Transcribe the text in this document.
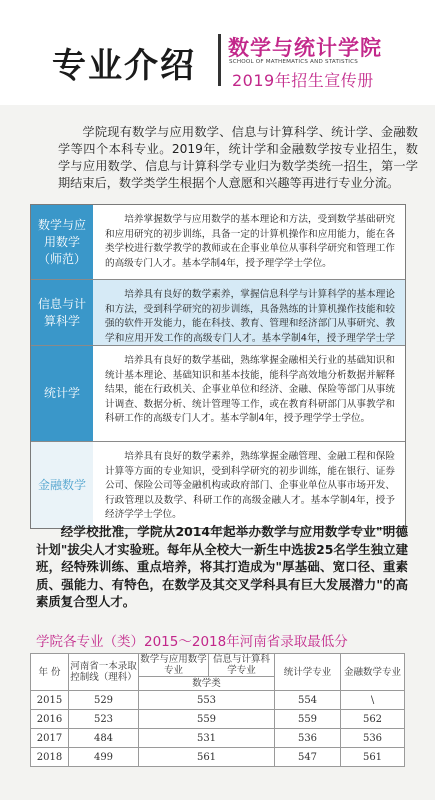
专业介绍 数学与统计学院
SCHOOL OF MATHEMATICS AND STATISTICS
2019年招生宣传册

学院现有数学与应用数学、信息与计算科学、统计学、金融数学等四个本科专业。2019年，统计学和金融数学按专业招生，数学与应用数学、信息与计算科学专业归为数学类统一招生，第一学期结束后，数学类学生根据个人意愿和兴趣等再进行专业分流。

数学与应用数学（师范）
培养掌握数学与应用数学的基本理论和方法，受到数学基础研究和应用研究的初步训练，具备一定的计算机操作和应用能力，能在各类学校进行数学教学的教师或在企事业单位从事科学研究和管理工作的高级专门人才。基本学制4年，授予理学学士学位。
信息与计算科学
培养具有良好的数学素养，掌握信息科学与计算科学的基本理论和方法，受到科学研究的初步训练，具备熟练的计算机操作技能和较强的软件开发能力，能在科技、教育、管理和经济部门从事研究、教学和应用开发工作的高级专门人才。基本学制4年，授予理学学士学
统计学
培养具有良好的数学基础，熟练掌握金融相关行业的基础知识和统计基本理论、基础知识和基本技能，能科学高效地分析数据并解释结果，能在行政机关、企事业单位和经济、金融、保险等部门从事统计调查、数据分析、统计管理等工作，或在教育科研部门从事教学和科研工作的高级专门人才。基本学制4年，授予理学学士学位。
金融数学
培养具有良好的数学素养，熟练掌握金融管理、金融工程和保险计算等方面的专业知识，受到科学研究的初步训练，能在银行、证券公司、保险公司等金融机构或政府部门、企事业单位从事市场开发、行政管理以及数学、科研工作的高级金融人才。基本学制4年，授予经济学学士学位。

经学校批准，学院从2014年起举办数学与应用数学专业"明德计划"拔尖人才实验班。每年从全校大一新生中选拔25名学生独立建班，经特殊训练、重点培养，将其打造成为"厚基础、宽口径、重素质、强能力、有特色，在数学及其交叉学科具有巨大发展潜力"的高素质复合型人才。

学院各专业（类）2015～2018年河南省录取最低分
年 份	河南省一本录取控制线（理科）	数学与应用数学专业	信息与计算科学专业	统计学专业	金融数学专业
		数学类			
2015	529	553		554	\
2016	523	559		559	562
2017	484	531		536	536
2018	499	561		547	561
